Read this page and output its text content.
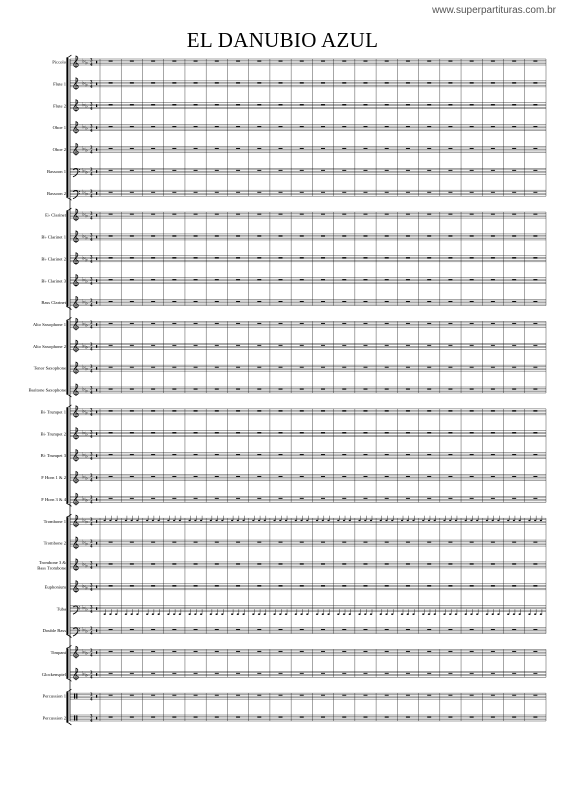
www.superpartituras.com.br
EL DANUBIO AZUL
Piccolo
Flute 1
Flute 2
Oboe 1
Oboe 2
Bassoon 1
Bassoon 2
E♭ Clarinet
B♭ Clarinet 1
B♭ Clarinet 2
B♭ Clarinet 3
Bass Clarinet
Alto Saxophone 1
Alto Saxophone 2
Tenor Saxophone
Baritone Saxophone
B♭ Trumpet 1
B♭ Trumpet 2
B♭ Trumpet 3
F Horn 1 & 2
F Horn 3 & 4
Trombone 1
Trombone 2
Trombone 3 &
Bass Trombone
Euphonium
Tuba
Double Bass
Timpani
Glockenspiel
Percussion 1
Percussion 2
♭ ♭ 3
4
♭ ♭ 3
4
♭ ♭ 3
4
♭ ♭ 3
4
♭ ♭ 3
4
♭ ♭ 3
4
♭ ♭ 3
4
♭ ♭ 3
4
♭ ♭ 3
4
♭ ♭ 3
4
♭ ♭ 3
4
♭ ♭ 3
4
♭ ♭ 3
4
♭ ♭ 3
4
♭ ♭ 3
4
♭ ♭ 3
4
♭ ♭ 3
4
♭ ♭ 3
4
♭ ♭ 3
4
♭ ♭ 3
4
♭ ♭ 3
4
♭ ♭ 3
4
♭ ♭ 3
4
♭ ♭ 3
4
♭ ♭ 3
4
♭ ♭ 3
4
♭ ♭ 3
4
♭ ♭ 3
4
♭ ♭ 3
4
3
4
3
4
